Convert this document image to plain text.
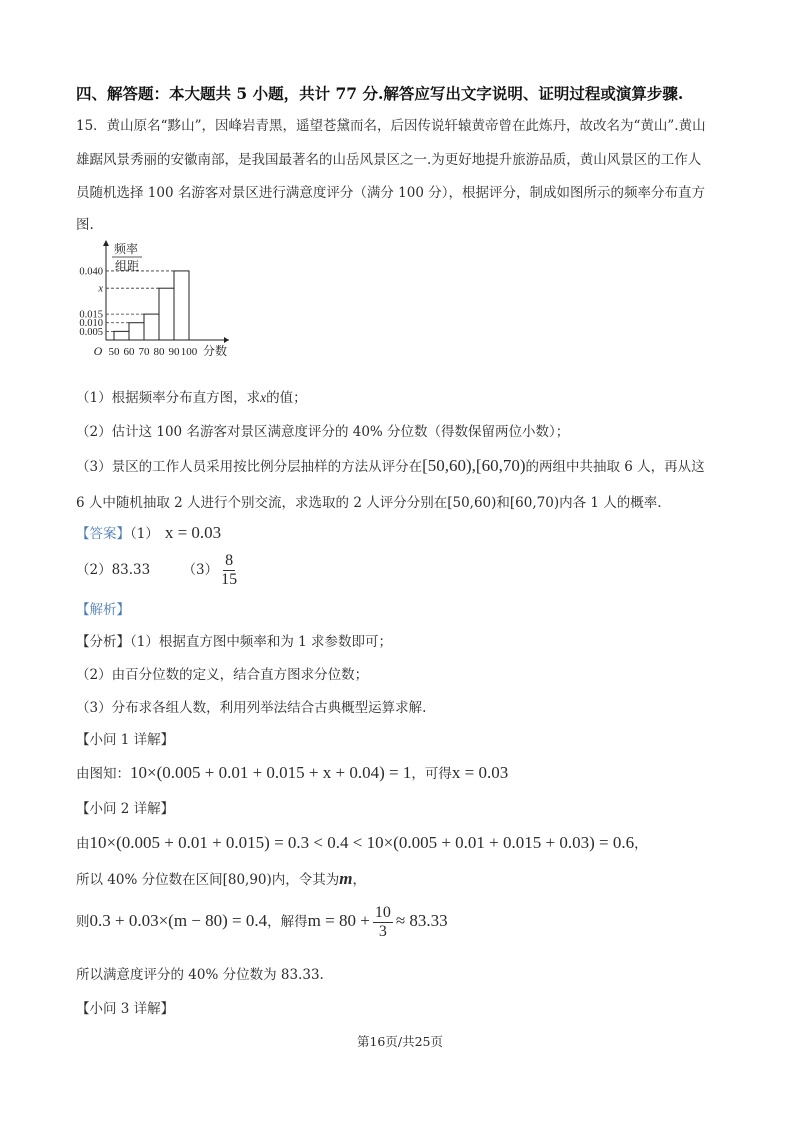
四、解答题：本大题共 5 小题，共计 77 分.解答应写出文字说明、证明过程或演算步骤.
15．黄山原名“黟山”，因峰岩青黑，遥望苍黛而名，后因传说轩辕黄帝曾在此炼丹，故改名为“黄山”.黄山
雄踞风景秀丽的安徽南部，是我国最著名的山岳风景区之一.为更好地提升旅游品质，黄山风景区的工作人
员随机选择 100 名游客对景区进行满意度评分（满分 100 分），根据评分，制成如图所示的频率分布直方
图.
频率
组距
0.005
0.010
0.015
x
0.040
50 60 70 80 90 100 分数
O
（1）根据频率分布直方图，求x的值；
（2）估计这 100 名游客对景区满意度评分的 40% 分位数（得数保留两位小数）；
（3）景区的工作人员采用按比例分层抽样的方法从评分在[50,60),[60,70)的两组中共抽取 6 人，再从这
6 人中随机抽取 2 人进行个别交流，求选取的 2 人评分分别在[50,60)和[60,70)内各 1 人的概率.
【答案】（1） x = 0.03
（2）83.33 $(3) \frac{8}{15}$
【解析】
【分析】（1）根据直方图中频率和为 1 求参数即可；
（2）由百分位数的定义，结合直方图求分位数；
（3）分布求各组人数，利用列举法结合古典概型运算求解.
【小问 1 详解】
由图知：10×(0.005 + 0.01 + 0.015 + x + 0.04) = 1，可得x = 0.03
【小问 2 详解】
由10×(0.005 + 0.01 + 0.015) = 0.3 < 0.4 < 10×(0.005 + 0.01 + 0.015 + 0.03) = 0.6，
所以 40% 分位数在区间[80,90)内，令其为m，
则0.3 + 0.03×(m − 80) = 0.4，解得$m = 80 + \frac{10}{3} \approx 83.33$
所以满意度评分的 40% 分位数为 83.33.
【小问 3 详解】
第16页/共25页
